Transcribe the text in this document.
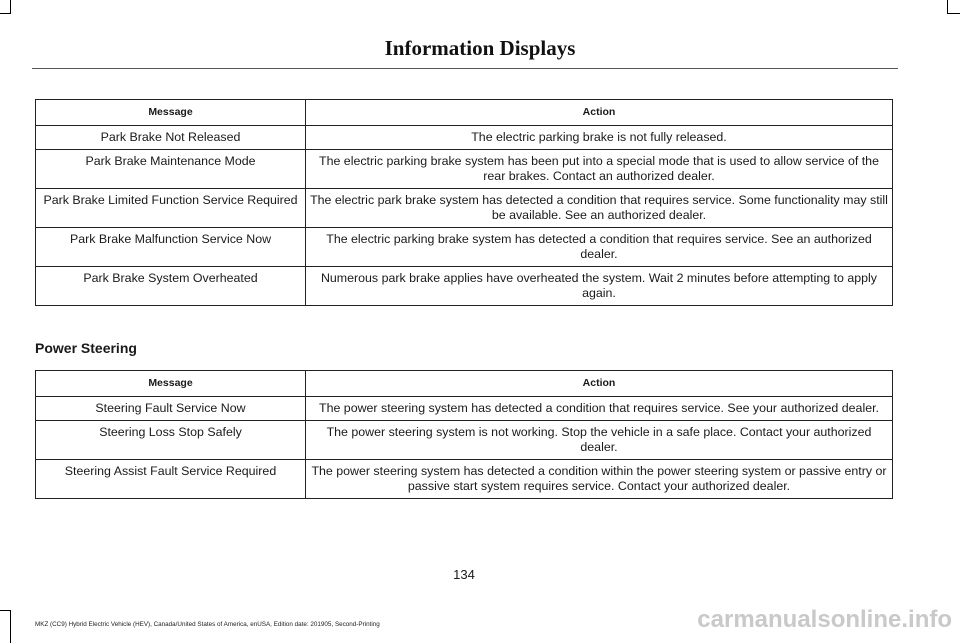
Information Displays
Message	Action
Park Brake Not Released	The electric parking brake is not fully released.
Park Brake Maintenance Mode	The electric parking brake system has been put into a special mode that is used to allow service of the rear brakes. Contact an authorized dealer.
Park Brake Limited Function Service Required	The electric park brake system has detected a condition that requires service. Some functionality may still be available. See an authorized dealer.
Park Brake Malfunction Service Now	The electric parking brake system has detected a condition that requires service. See an authorized dealer.
Park Brake System Overheated	Numerous park brake applies have overheated the system. Wait 2 minutes before attempting to apply again.
Power Steering
Message	Action
Steering Fault Service Now	The power steering system has detected a condition that requires service. See your authorized dealer.
Steering Loss Stop Safely	The power steering system is not working. Stop the vehicle in a safe place. Contact your authorized dealer.
Steering Assist Fault Service Required	The power steering system has detected a condition within the power steering system or passive entry or passive start system requires service. Contact your authorized dealer.
134
MKZ (CC9) Hybrid Electric Vehicle (HEV), Canada/United States of America, enUSA, Edition date: 201905, Second-Printing	carmanualsonline.info
